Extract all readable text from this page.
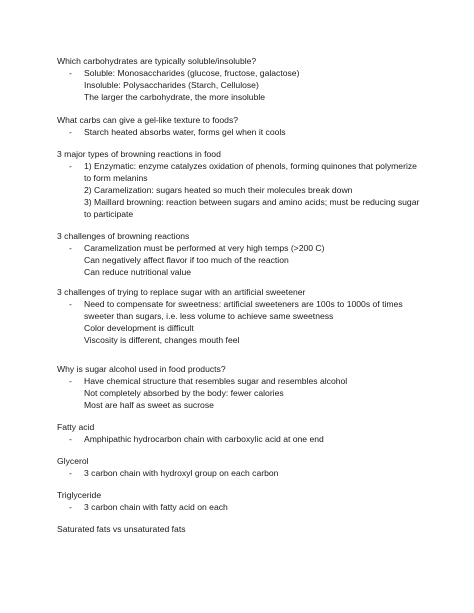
Which carbohydrates are typically soluble/insoluble?
- Soluble: Monosaccharides (glucose, fructose, galactose)
Insoluble: Polysaccharides (Starch, Cellulose)
The larger the carbohydrate, the more insoluble
What carbs can give a gel-like texture to foods?
- Starch heated absorbs water, forms gel when it cools
3 major types of browning reactions in food
- 1) Enzymatic: enzyme catalyzes oxidation of phenols, forming quinones that polymerize
to form melanins
2) Caramelization: sugars heated so much their molecules break down
3) Maillard browning: reaction between sugars and amino acids; must be reducing sugar
to participate
3 challenges of browning reactions
- Caramelization must be performed at very high temps (>200 C)
Can negatively affect flavor if too much of the reaction
Can reduce nutritional value
3 challenges of trying to replace sugar with an artificial sweetener
- Need to compensate for sweetness: artificial sweeteners are 100s to 1000s of times
sweeter than sugars, i.e. less volume to achieve same sweetness
Color development is difficult
Viscosity is different, changes mouth feel
Why is sugar alcohol used in food products?
- Have chemical structure that resembles sugar and resembles alcohol
Not completely absorbed by the body: fewer calories
Most are half as sweet as sucrose
Fatty acid
- Amphipathic hydrocarbon chain with carboxylic acid at one end
Glycerol
- 3 carbon chain with hydroxyl group on each carbon
Triglyceride
- 3 carbon chain with fatty acid on each
Saturated fats vs unsaturated fats
